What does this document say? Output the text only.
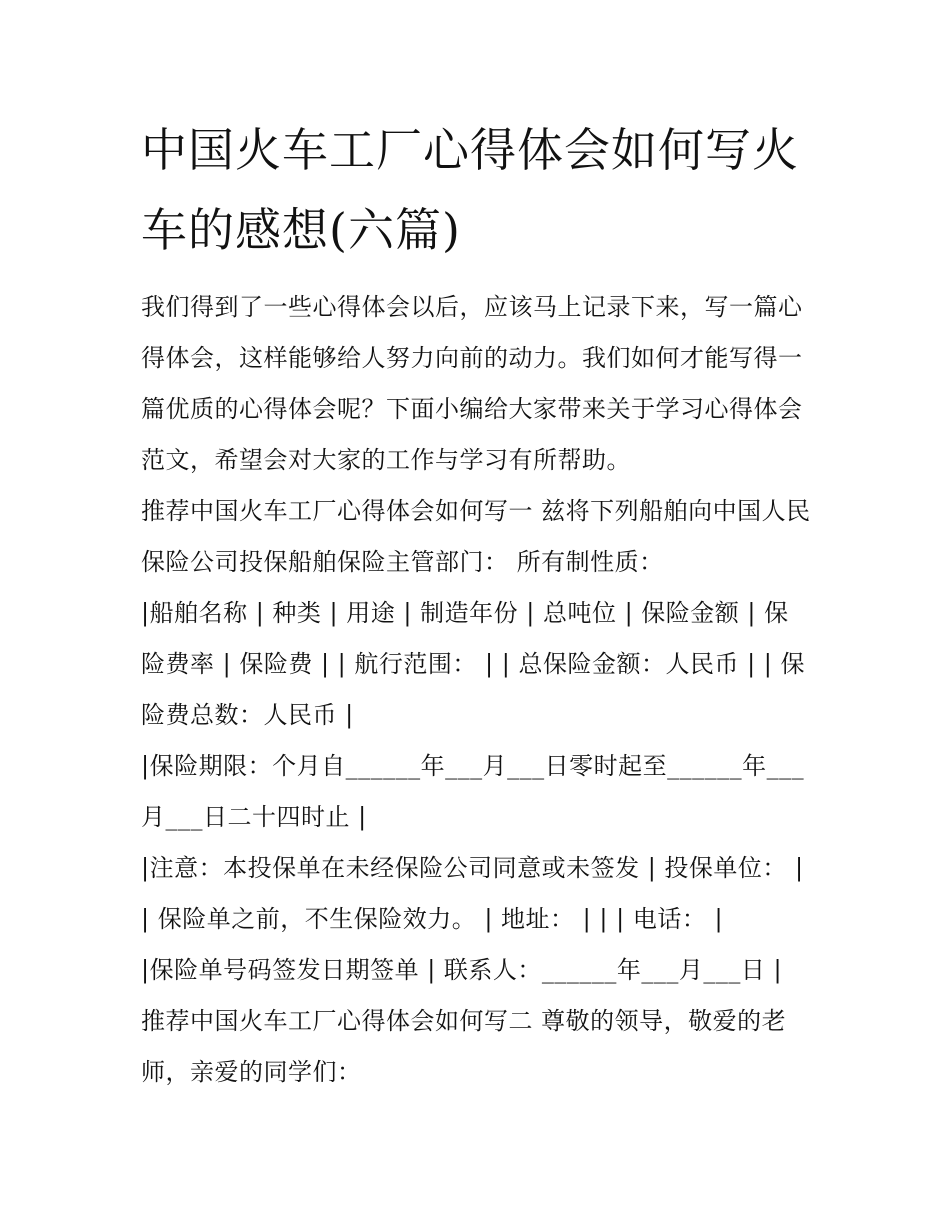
中国火车工厂心得体会如何写火车的感想(六篇)

我们得到了一些心得体会以后，应该马上记录下来，写一篇心得体会，这样能够给人努力向前的动力。我们如何才能写得一篇优质的心得体会呢？下面小编给大家带来关于学习心得体会范文，希望会对大家的工作与学习有所帮助。

推荐中国火车工厂心得体会如何写一 兹将下列船舶向中国人民保险公司投保船舶保险主管部门： 所有制性质：

|船舶名称 | 种类 | 用途 | 制造年份 | 总吨位 | 保险金额 | 保险费率 | 保险费 | | 航行范围： | | 总保险金额：人民币 | | 保险费总数：人民币 |

|保险期限：个月自______年___月___日零时起至______年___月___日二十四时止 |

|注意：本投保单在未经保险公司同意或未签发 | 投保单位： | | 保险单之前，不生保险效力。 | 地址： | | | 电话： |

|保险单号码签发日期签单 | 联系人：______年___月___日 |

推荐中国火车工厂心得体会如何写二 尊敬的领导，敬爱的老师，亲爱的同学们：
